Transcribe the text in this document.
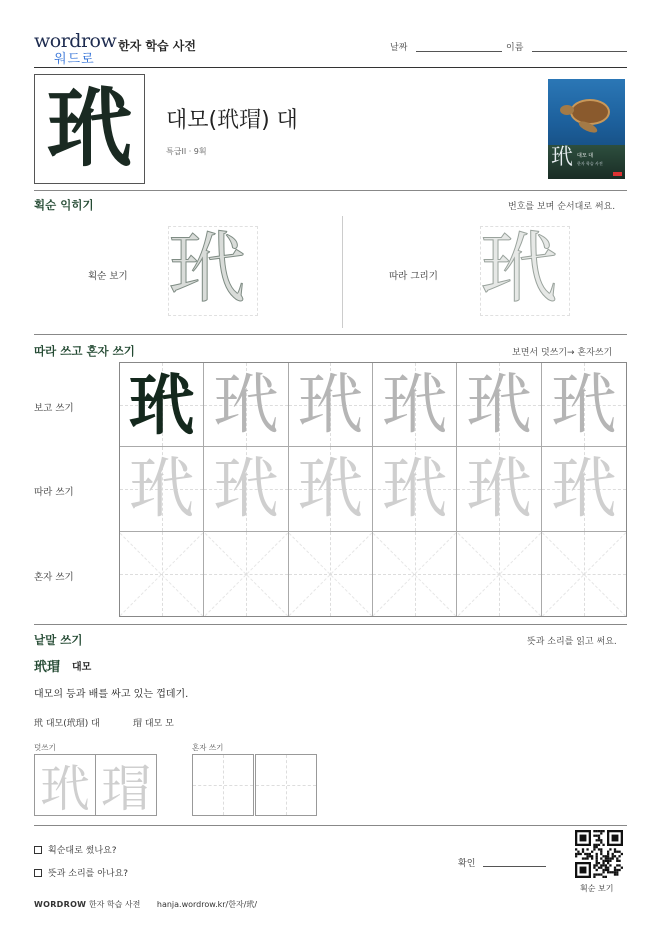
wordrow
워드로
한자 학습 사전	날짜	이름
玳 대모(玳瑁) 대
특급II · 9획	玳 대모 대
한자 학습 사전
획순 익히기	번호를 보며 순서대로 써요.
획순 보기 玳	따라 그리기 玳
따라 쓰고 혼자 쓰기	보면서 덧쓰기→ 혼자쓰기
보고 쓰기
따라 쓰기
혼자 쓰기
玳 玳 玳 玳 玳 玳
玳 玳 玳 玳 玳 玳
낱말 쓰기	뜻과 소리를 읽고 써요.
玳瑁 대모
대모의 등과 배를 싸고 있는 껍데기.
玳 대모(玳瑁) 대	瑁 대모 모
덧쓰기	혼자 쓰기
玳 瑁
획순대로 썼나요?
뜻과 소리를 아나요?
확인
획순 보기
WORDROW 한자 학습 사전 hanja.wordrow.kr/한자/玳/
